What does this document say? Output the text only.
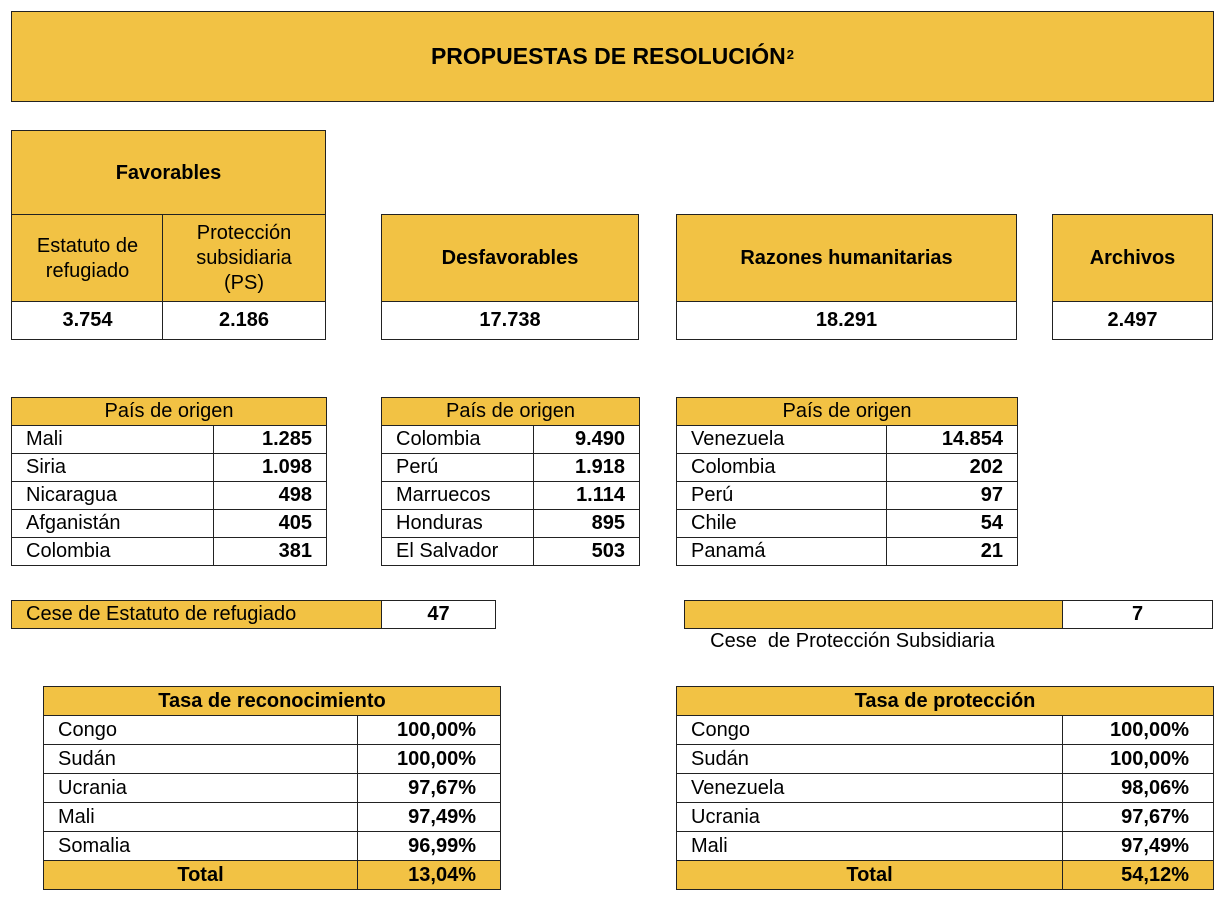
PROPUESTAS DE RESOLUCIÓN$^2$
Favorables
Estatuto de refugiado
Protección subsidiaria (PS)
3.754	2.186
Desfavorables
17.738
Razones humanitarias
18.291
Archivos
2.497
País de origen	
Mali	1.285
Siria	1.098
Nicaragua	498
Afganistán	405
Colombia	381
País de origen	
Colombia	9.490
Perú	1.918
Marruecos	1.114
Honduras	895
El Salvador	503
País de origen	
Venezuela	14.854
Colombia	202
Perú	97
Chile	54
Panamá	21
Cese de Estatuto de refugiado	47

Cese  de Protección Subsidiaria

7
Tasa de reconocimiento	
Congo	100,00%
Sudán	100,00%
Ucrania	97,67%
Mali	97,49%
Somalia	96,99%
Total	13,04%
Tasa de protección	
Congo	100,00%
Sudán	100,00%
Venezuela	98,06%
Ucrania	97,67%
Mali	97,49%
Total	54,12%
